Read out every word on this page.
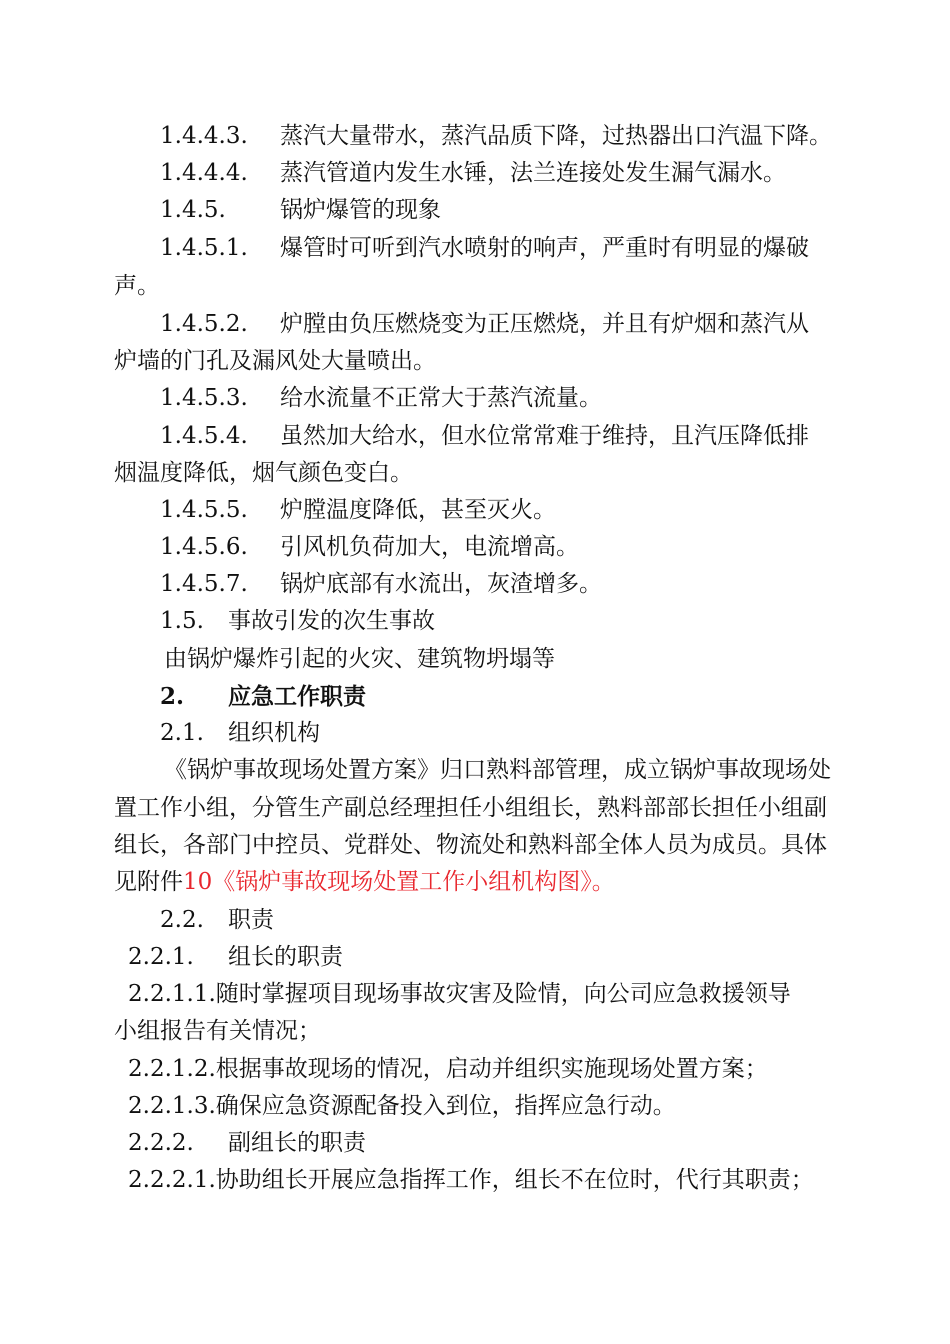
1.4.4.3. 蒸汽大量带水，蒸汽品质下降，过热器出口汽温下降。
1.4.4.4. 蒸汽管道内发生水锤，法兰连接处发生漏气漏水。
1.4.5. 锅炉爆管的现象
1.4.5.1. 爆管时可听到汽水喷射的响声，严重时有明显的爆破
声。
1.4.5.2. 炉膛由负压燃烧变为正压燃烧，并且有炉烟和蒸汽从
炉墙的门孔及漏风处大量喷出。
1.4.5.3. 给水流量不正常大于蒸汽流量。
1.4.5.4. 虽然加大给水，但水位常常难于维持，且汽压降低排
烟温度降低，烟气颜色变白。
1.4.5.5. 炉膛温度降低，甚至灭火。
1.4.5.6. 引风机负荷加大，电流增高。
1.4.5.7. 锅炉底部有水流出，灰渣增多。
1.5. 事故引发的次生事故
由锅炉爆炸引起的火灾、建筑物坍塌等
2. 应急工作职责
2.1. 组织机构
《锅炉事故现场处置方案》归口熟料部管理，成立锅炉事故现场处
置工作小组，分管生产副总经理担任小组组长，熟料部部长担任小组副
组长，各部门中控员、党群处、物流处和熟料部全体人员为成员。具体
见附件10《锅炉事故现场处置工作小组机构图》。
2.2. 职责
2.2.1. 组长的职责
2.2.1.1.随时掌握项目现场事故灾害及险情，向公司应急救援领导
小组报告有关情况；
2.2.1.2.根据事故现场的情况，启动并组织实施现场处置方案；
2.2.1.3.确保应急资源配备投入到位，指挥应急行动。
2.2.2. 副组长的职责
2.2.2.1.协助组长开展应急指挥工作，组长不在位时，代行其职责；
